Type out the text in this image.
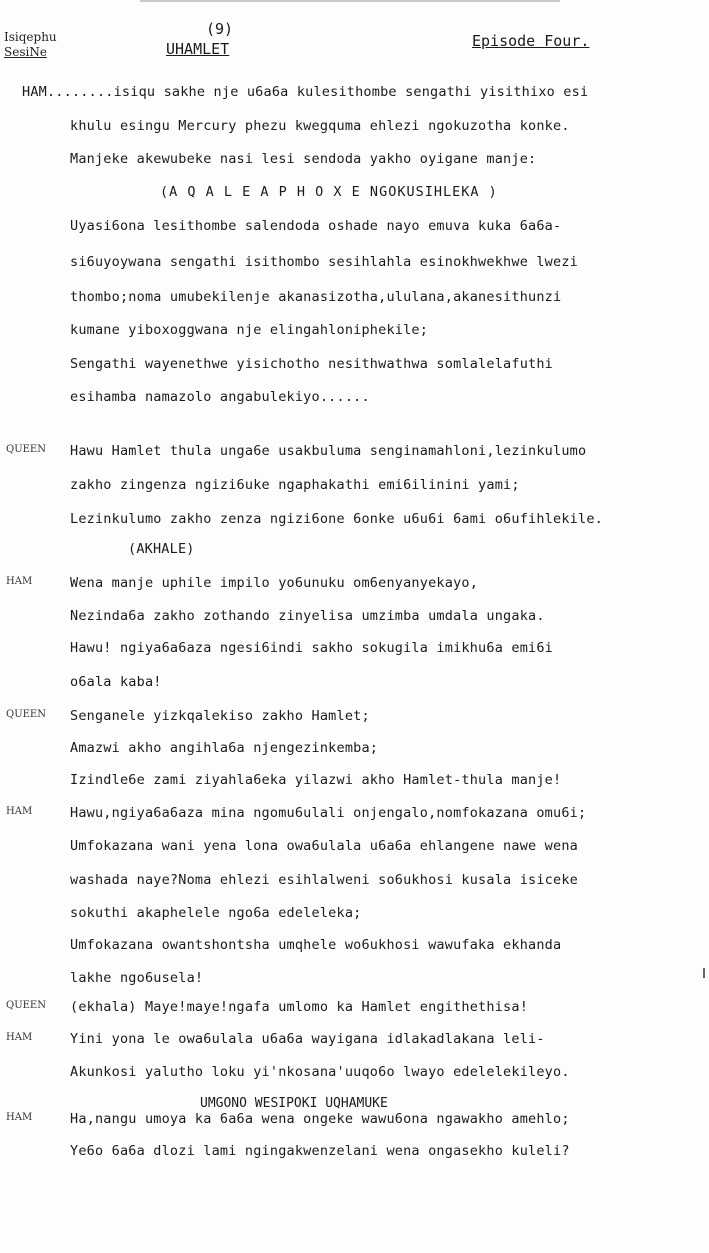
Isiqephu
SesiNe
(9)
UHAMLET	Episode Four.
HAM........isiqu sakhe nje u6a6a kulesithombe sengathi yisithixo esi
khulu esingu Mercury phezu kwegquma ehlezi ngokuzotha konke.
Manjeke akewubeke nasi lesi sendoda yakho oyigane manje:
(A Q A L E A P H O X E NGOKUSIHLEKA )
Uyasi6ona lesithombe salendoda oshade nayo emuva kuka 6a6a-
si6uyoywana sengathi isithombo sesihlahla esinokhwekhwe lwezi
thombo;noma umubekilenje akanasizotha,ululana,akanesithunzi
kumane yiboxoggwana nje elingahloniphekile;
Sengathi wayenethwe yisichotho nesithwathwa somlalelafuthi
esihamba namazolo angabulekiyo......
QUEEN Hawu Hamlet thula unga6e usakbuluma senginamahloni,lezinkulumo
zakho zingenza ngizi6uke ngaphakathi emi6ilinini yami;
Lezinkulumo zakho zenza ngizi6one 6onke u6u6i 6ami o6ufihlekile.
(AKHALE)
HAM	Wena manje uphile impilo yo6unuku om6enyanyekayo,
Nezinda6a zakho zothando zinyelisa umzimba umdala ungaka.
Hawu! ngiya6a6aza ngesi6indi sakho sokugila imikhu6a emi6i
o6ala kaba!
QUEEN Senganele yizkqalekiso zakho Hamlet;
Amazwi akho angihla6a njengezinkemba;
Izindle6e zami ziyahla6eka yilazwi akho Hamlet-thula manje!
HAM	Hawu,ngiya6a6aza mina ngomu6ulali onjengalo,nomfokazana omu6i;
Umfokazana wani yena lona owa6ulala u6a6a ehlangene nawe wena
washada naye?Noma ehlezi esihlalweni so6ukhosi kusala isiceke
sokuthi akaphelele ngo6a edeleleka;
Umfokazana owantshontsha umqhele wo6ukhosi wawufaka ekhanda
lakhe ngo6usela!
QUEEN (ekhala) Maye!maye!ngafa umlomo ka Hamlet engithethisa!
HAM	Yini yona le owa6ulala u6a6a wayigana idlakadlakana leli-
Akunkosi yalutho loku yi'nkosana'uuqo6o lwayo edelelekileyo.
UMGONO WESIPOKI UQHAMUKE
HAM	Ha,nangu umoya ka 6a6a wena ongeke wawu6ona ngawakho amehlo;
Ye6o 6a6a dlozi lami ngingakwenzelani wena ongasekho kuleli?
